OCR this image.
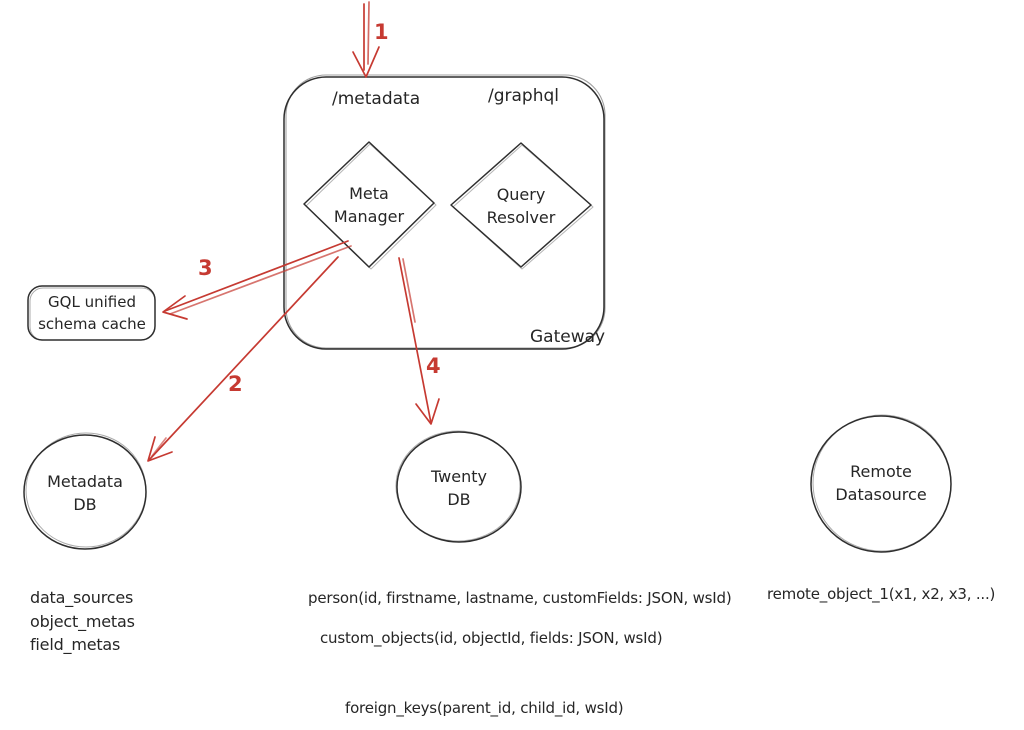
/metadata	/graphql
Meta
Manager
Query
Resolver
Gateway
GQL unified
schema cache
1
2
3
4
Metadata
DB
Twenty
DB
Remote
Datasource
data_sources
object_metas
field_metas
person(id, firstname, lastname, customFields: JSON, wsId)
custom_objects(id, objectId, fields: JSON, wsId)
foreign_keys(parent_id, child_id, wsId)
remote_object_1(x1, x2, x3, ...)
